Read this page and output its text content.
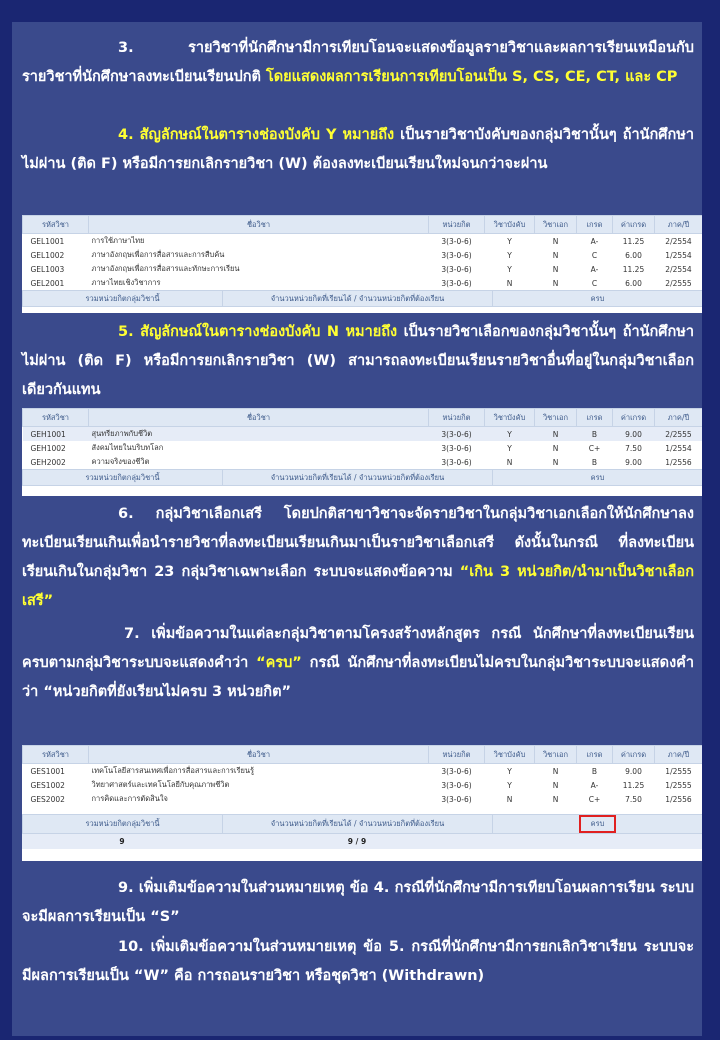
3. รายวิชาที่นักศึกษามีการเทียบโอนจะแสดงข้อมูลรายวิชาและผลการเรียนเหมือนกับรายวิชาที่นักศึกษาลงทะเบียนเรียนปกติ โดยแสดงผลการเรียนการเทียบโอนเป็น S, CS, CE, CT, และ CP
4. สัญลักษณ์ในตารางช่องบังคับ Y หมายถึง เป็นรายวิชาบังคับของกลุ่มวิชานั้นๆ ถ้านักศึกษาไม่ผ่าน (ติด F) หรือมีการยกเลิกรายวิชา (W) ต้องลงทะเบียนเรียนใหม่จนกว่าจะผ่าน
รหัสวิชา	ชื่อวิชา	หน่วยกิต	วิชาบังคับ	วิชาเอก	เกรด	ค่าเกรด	ภาค/ปี
GEL1001	การใช้ภาษาไทย	3(3-0-6)	Y	N	A-	11.25	2/2554
GEL1002	ภาษาอังกฤษเพื่อการสื่อสารและการสืบค้น	3(3-0-6)	Y	N	C	6.00	1/2554
GEL1003	ภาษาอังกฤษเพื่อการสื่อสารและทักษะการเรียน	3(3-0-6)	Y	N	A-	11.25	2/2554
GEL2001	ภาษาไทยเชิงวิชาการ	3(3-0-6)	N	N	C	6.00	2/2555
รวมหน่วยกิตกลุ่มวิชานี้	จำนวนหน่วยกิตที่เรียนได้ / จำนวนหน่วยกิตที่ต้องเรียน	ครบ
5. สัญลักษณ์ในตารางช่องบังคับ N หมายถึง เป็นรายวิชาเลือกของกลุ่มวิชานั้นๆ ถ้านักศึกษาไม่ผ่าน (ติด F) หรือมีการยกเลิกรายวิชา (W) สามารถลงทะเบียนเรียนรายวิชาอื่นที่อยู่ในกลุ่มวิชาเลือกเดียวกันแทน
รหัสวิชา	ชื่อวิชา	หน่วยกิต	วิชาบังคับ	วิชาเอก	เกรด	ค่าเกรด	ภาค/ปี
GEH1001	สุนทรียภาพกับชีวิต	3(3-0-6)	Y	N	B	9.00	2/2555
GEH1002	สังคมไทยในบริบทโลก	3(3-0-6)	Y	N	C+	7.50	1/2554
GEH2002	ความจริงของชีวิต	3(3-0-6)	N	N	B	9.00	1/2556
รวมหน่วยกิตกลุ่มวิชานี้	จำนวนหน่วยกิตที่เรียนได้ / จำนวนหน่วยกิตที่ต้องเรียน	ครบ
6. กลุ่มวิชาเลือกเสรี โดยปกติสาขาวิชาจะจัดรายวิชาในกลุ่มวิชาเอกเลือกให้นักศึกษาลงทะเบียนเรียนเกินเพื่อนำรายวิชาที่ลงทะเบียนเรียนเกินมาเป็นรายวิชาเลือกเสรี ดังนั้นในกรณี ที่ลงทะเบียนเรียนเกินในกลุ่มวิชา 23 กลุ่มวิชาเฉพาะเลือก ระบบจะแสดงข้อความ “เกิน 3 หน่วยกิต/นำมาเป็นวิชาเลือกเสรี”
7. เพิ่มข้อความในแต่ละกลุ่มวิชาตามโครงสร้างหลักสูตร กรณี นักศึกษาที่ลงทะเบียนเรียนครบตามกลุ่มวิชาระบบจะแสดงคำว่า “ครบ” กรณี นักศึกษาที่ลงทะเบียนไม่ครบในกลุ่มวิชาระบบจะแสดงคำว่า “หน่วยกิตที่ยังเรียนไม่ครบ 3 หน่วยกิต”
รหัสวิชา	ชื่อวิชา	หน่วยกิต	วิชาบังคับ	วิชาเอก	เกรด	ค่าเกรด	ภาค/ปี
GES1001	เทคโนโลยีสารสนเทศเพื่อการสื่อสารและการเรียนรู้	3(3-0-6)	Y	N	B	9.00	1/2555
GES1002	วิทยาศาสตร์และเทคโนโลยีกับคุณภาพชีวิต	3(3-0-6)	Y	N	A-	11.25	1/2555
GES2002	การคิดและการตัดสินใจ	3(3-0-6)	N	N	C+	7.50	1/2556
รวมหน่วยกิตกลุ่มวิชานี้	จำนวนหน่วยกิตที่เรียนได้ / จำนวนหน่วยกิตที่ต้องเรียน	ครบ
9	9 / 9	
9. เพิ่มเติมข้อความในส่วนหมายเหตุ ข้อ 4. กรณีที่นักศึกษามีการเทียบโอนผลการเรียน ระบบจะมีผลการเรียนเป็น “S”
10. เพิ่มเติมข้อความในส่วนหมายเหตุ ข้อ 5. กรณีที่นักศึกษามีการยกเลิกวิชาเรียน ระบบจะมีผลการเรียนเป็น “W” คือ การถอนรายวิชา หรือชุดวิชา (Withdrawn)
